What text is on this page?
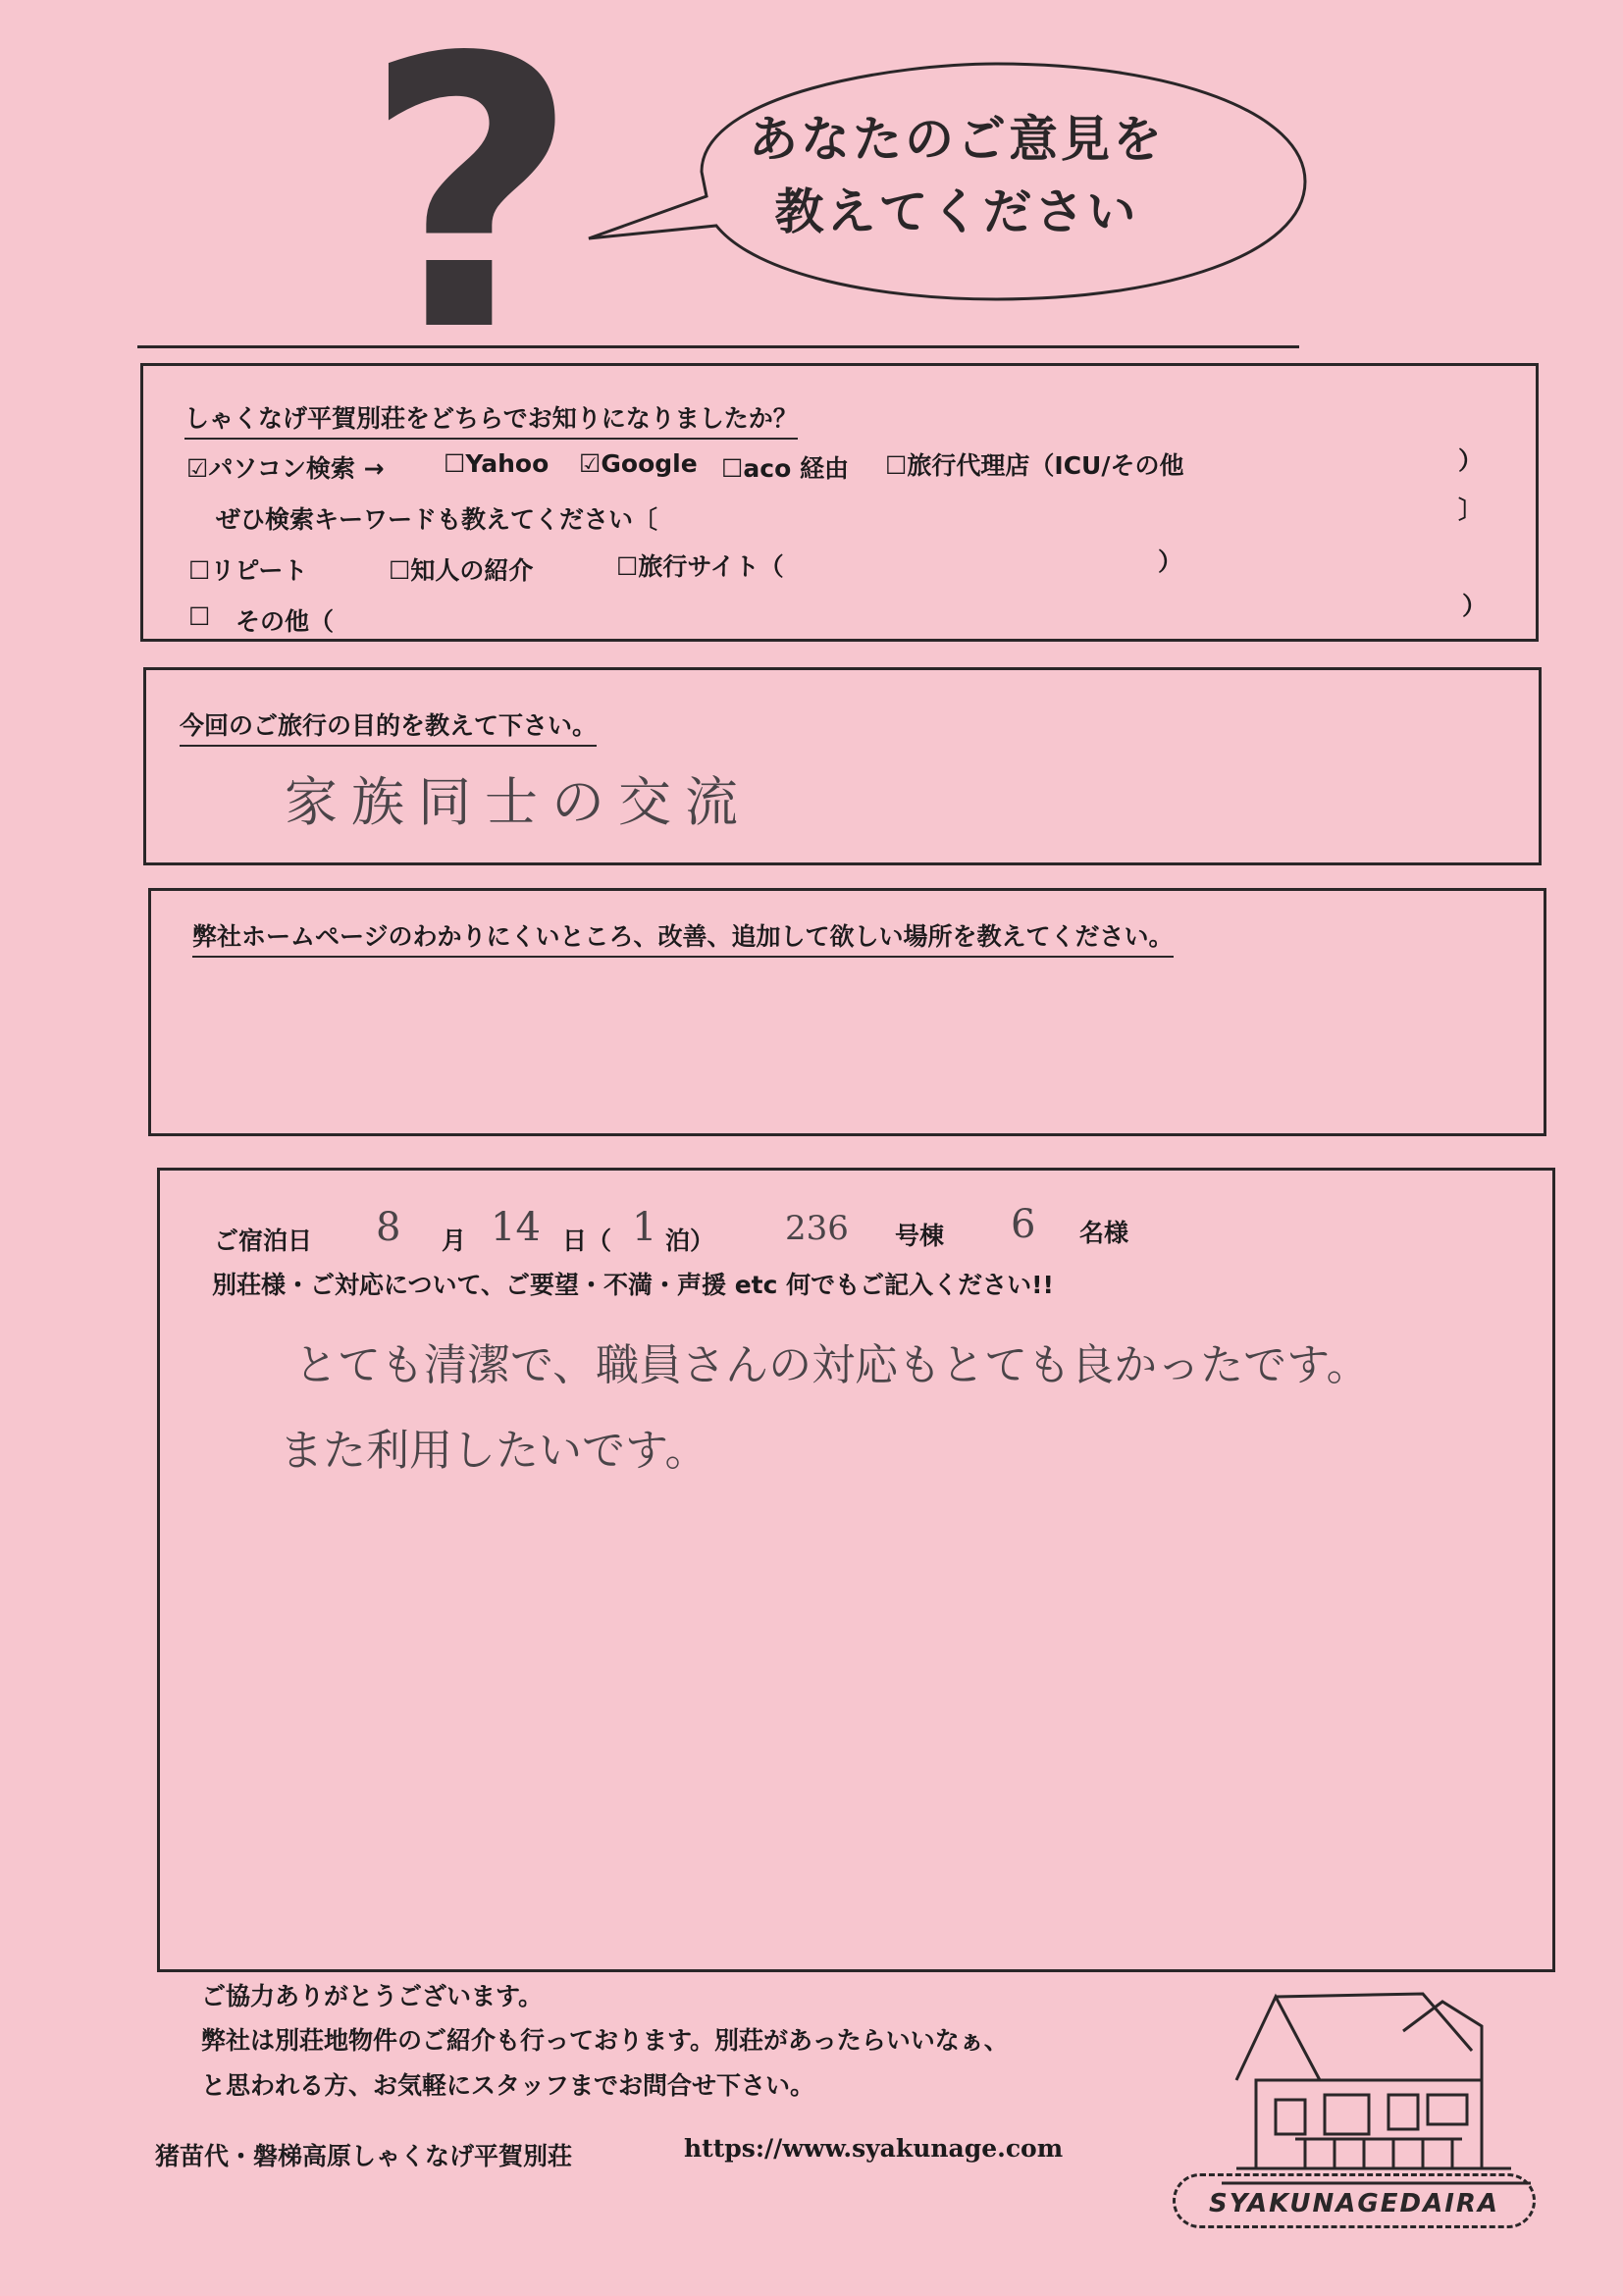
?	あなたのご意見を
教えてください
しゃくなげ平賀別荘をどちらでお知りになりましたか？
☑パソコン検索 → ☐Yahoo ☑Google ☐aco 経由 ☐旅行代理店（ICU/その他	）
ぜひ検索キーワードも教えてください〔	〕
☐リピート	☐知人の紹介	☐旅行サイト（	）
☐ その他（
）
今回のご旅行の目的を教えて下さい。
家族同士の交流
弊社ホームページのわかりにくいところ、改善、追加して欲しい場所を教えてください。
ご宿泊日 8 月 14 日（ 1 泊） 236 号棟 6 名様
別荘様・ご対応について、ご要望・不満・声援 etc 何でもご記入ください!!
とても清潔で、職員さんの対応もとても良かったです。
また利用したいです。
ご協力ありがとうございます。
弊社は別荘地物件のご紹介も行っております。別荘があったらいいなぁ、
と思われる方、お気軽にスタッフまでお問合せ下さい。
猪苗代・磐梯高原しゃくなげ平賀別荘	https://www.syakunage.com
SYAKUNAGEDAIRA
